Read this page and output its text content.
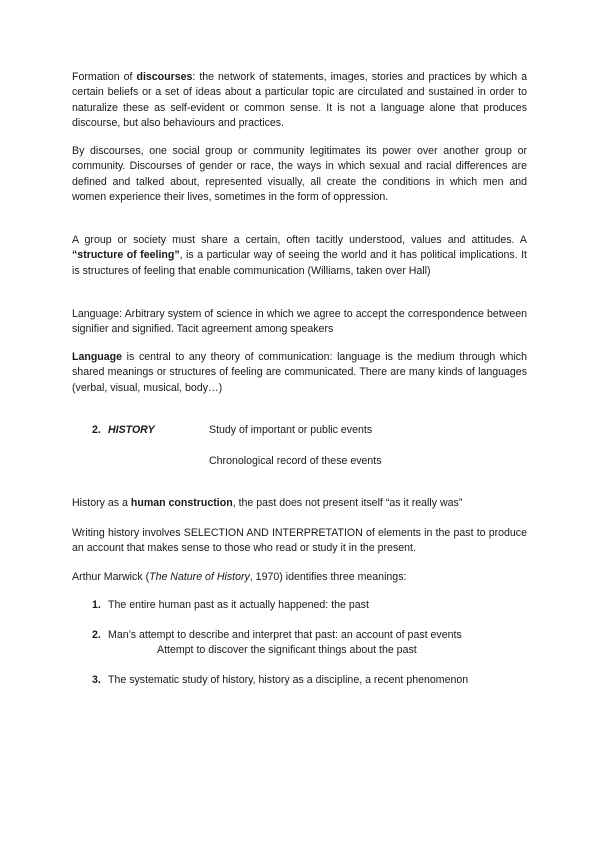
Formation of discourses: the network of statements, images, stories and practices by which a certain beliefs or a set of ideas about a particular topic are circulated and sustained in order to naturalize these as self-evident or common sense. It is not a language alone that produces discourse, but also behaviours and practices.

By discourses, one social group or community legitimates its power over another group or community. Discourses of gender or race, the ways in which sexual and racial differences are defined and talked about, represented visually, all create the conditions in which men and women experience their lives, sometimes in the form of oppression.

A group or society must share a certain, often tacitly understood, values and attitudes. A “structure of feeling”, is a particular way of seeing the world and it has political implications. It is structures of feeling that enable communication (Williams, taken over Hall)

Language: Arbitrary system of science in which we agree to accept the correspondence between signifier and signified. Tacit agreement among speakers

Language is central to any theory of communication: language is the medium through which shared meanings or structures of feeling are communicated. There are many kinds of languages (verbal, visual, musical, body…)

2. HISTORY	Study of important or public events
Chronological record of these events

History as a human construction, the past does not present itself “as it really was”

Writing history involves SELECTION AND INTERPRETATION of elements in the past to produce an account that makes sense to those who read or study it in the present.

Arthur Marwick (The Nature of History, 1970) identifies three meanings:

1. The entire human past as it actually happened: the past
2. Man’s attempt to describe and interpret that past: an account of past events
Attempt to discover the significant things about the past
3. The systematic study of history, history as a discipline, a recent phenomenon
